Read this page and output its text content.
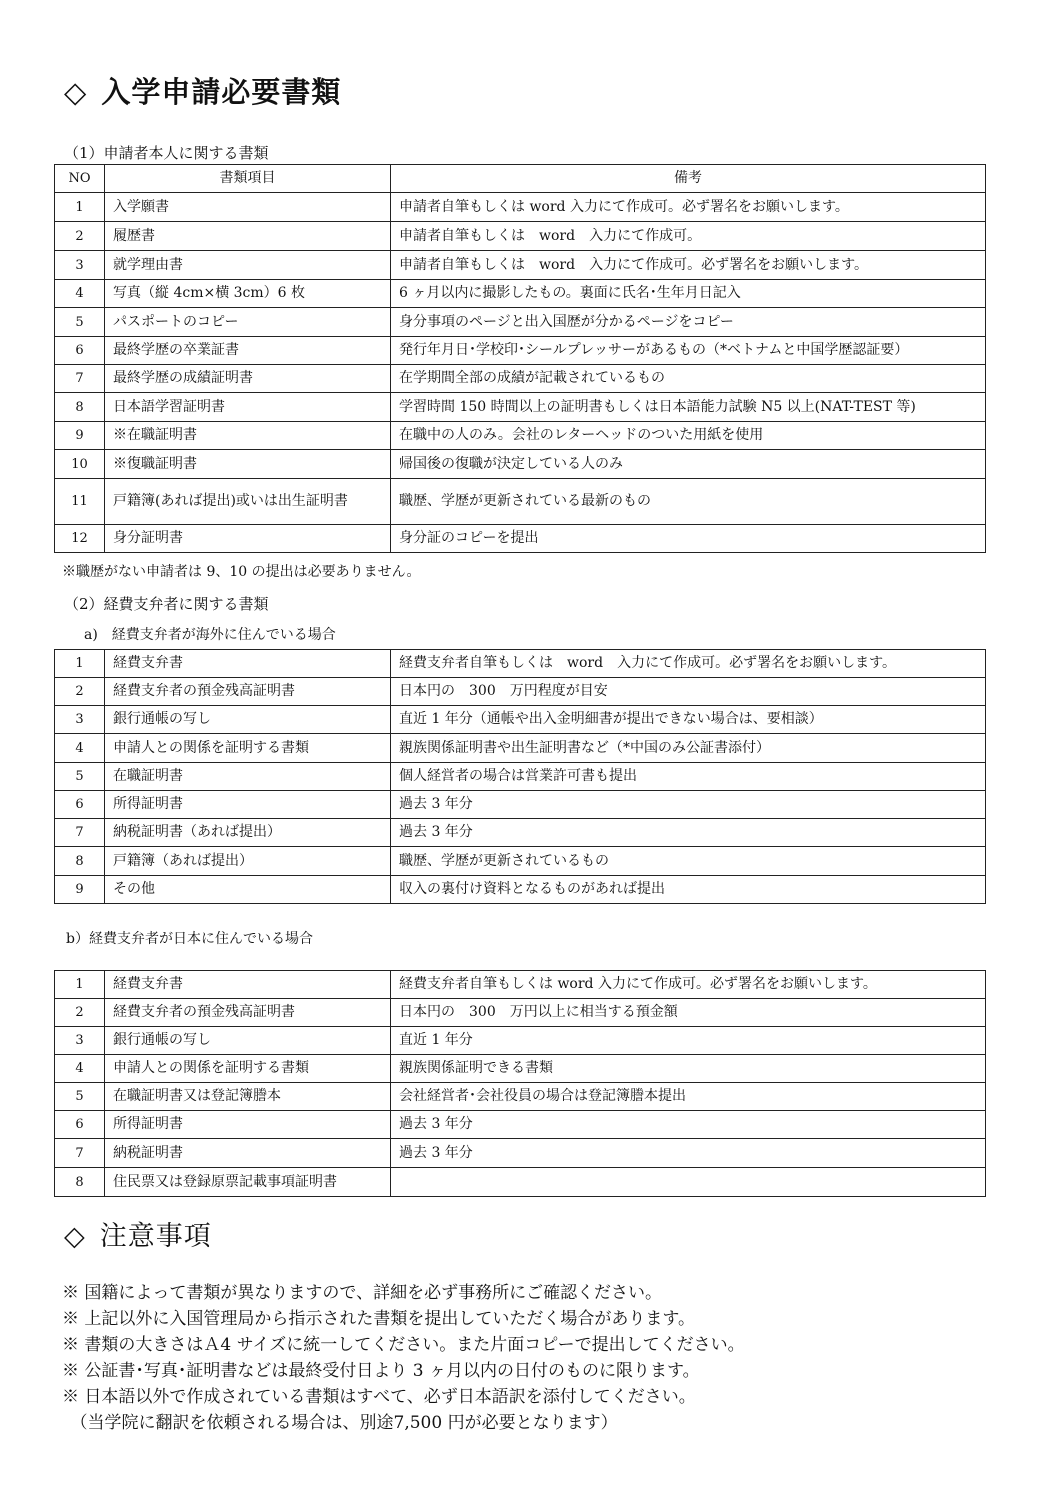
◇ 入学申請必要書類
（1）申請者本人に関する書類
NO	書類項目	備考
1	入学願書	申請者自筆もしくは word 入力にて作成可。必ず署名をお願いします。
2	履歴書	申請者自筆もしくは　word　入力にて作成可。
3	就学理由書	申請者自筆もしくは　word　入力にて作成可。必ず署名をお願いします。
4	写真（縦 4cm×横 3cm）6 枚	6 ヶ月以内に撮影したもの。裏面に氏名･生年月日記入
5	パスポートのコピー	身分事項のページと出入国歴が分かるページをコピー
6	最終学歴の卒業証書	発行年月日･学校印･シールプレッサーがあるもの（*ベトナムと中国学歴認証要）
7	最終学歴の成績証明書	在学期間全部の成績が記載されているもの
8	日本語学習証明書	学習時間 150 時間以上の証明書もしくは日本語能力試験 N5 以上(NAT-TEST 等)
9	※在職証明書	在職中の人のみ。会社のレターヘッドのついた用紙を使用
10	※復職証明書	帰国後の復職が決定している人のみ
11	戸籍簿(あれば提出)或いは出生証明書	職歴、学歴が更新されている最新のもの
12	身分証明書	身分証のコピーを提出
※職歴がない申請者は 9、10 の提出は必要ありません。
（2）経費支弁者に関する書類
a)　経費支弁者が海外に住んでいる場合
1	経費支弁書	経費支弁者自筆もしくは　word　入力にて作成可。必ず署名をお願いします。
2	経費支弁者の預金残高証明書	日本円の　300　万円程度が目安
3	銀行通帳の写し	直近 1 年分（通帳や出入金明細書が提出できない場合は、要相談）
4	申請人との関係を証明する書類	親族関係証明書や出生証明書など（*中国のみ公証書添付）
5	在職証明書	個人経営者の場合は営業許可書も提出
6	所得証明書	過去 3 年分
7	納税証明書（あれば提出）	過去 3 年分
8	戸籍簿（あれば提出）	職歴、学歴が更新されているもの
9	その他	収入の裏付け資料となるものがあれば提出
b）経費支弁者が日本に住んでいる場合
1	経費支弁書	経費支弁者自筆もしくは word 入力にて作成可。必ず署名をお願いします。
2	経費支弁者の預金残高証明書	日本円の　300　万円以上に相当する預金額
3	銀行通帳の写し	直近 1 年分
4	申請人との関係を証明する書類	親族関係証明できる書類
5	在職証明書又は登記簿謄本	会社経営者･会社役員の場合は登記簿謄本提出
6	所得証明書	過去 3 年分
7	納税証明書	過去 3 年分
8	住民票又は登録原票記載事項証明書	
◇ 注意事項
※ 国籍によって書類が異なりますので、詳細を必ず事務所にご確認ください。
※ 上記以外に入国管理局から指示された書類を提出していただく場合があります。
※ 書類の大きさはＡ4 サイズに統一してください。また片面コピーで提出してください。
※ 公証書･写真･証明書などは最終受付日より 3 ヶ月以内の日付のものに限ります。
※ 日本語以外で作成されている書類はすべて、必ず日本語訳を添付してください。
　（当学院に翻訳を依頼される場合は、別途7,500 円が必要となります）
